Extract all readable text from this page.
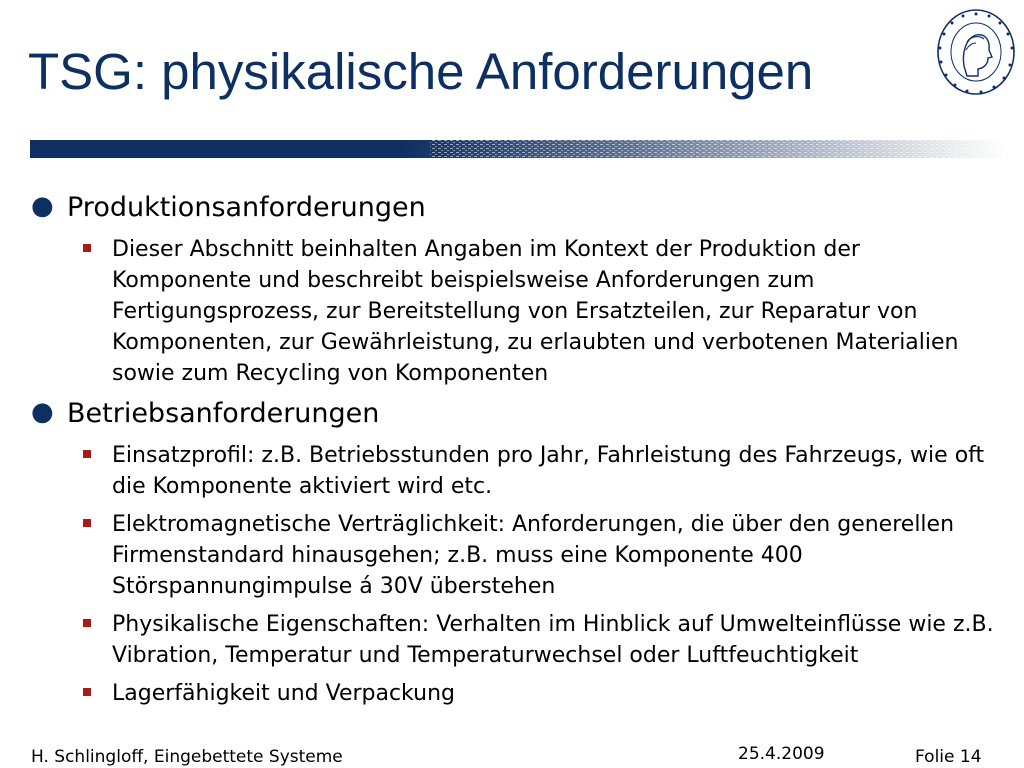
TSG: physikalische Anforderungen
● Produktionsanforderungen
Dieser Abschnitt beinhalten Angaben im Kontext der Produktion der Komponente und beschreibt beispielsweise Anforderungen zum Fertigungsprozess, zur Bereitstellung von Ersatzteilen, zur Reparatur von Komponenten, zur Gewährleistung, zu erlaubten und verbotenen Materialien sowie zum Recycling von Komponenten
● Betriebsanforderungen
Einsatzprofil: z.B. Betriebsstunden pro Jahr, Fahrleistung des Fahrzeugs, wie oft die Komponente aktiviert wird etc.
Elektromagnetische Verträglichkeit: Anforderungen, die über den generellen Firmenstandard hinausgehen; z.B. muss eine Komponente 400 Störspannungimpulse á 30V überstehen
Physikalische Eigenschaften: Verhalten im Hinblick auf Umwelteinflüsse wie z.B. Vibration, Temperatur und Temperaturwechsel oder Luftfeuchtigkeit
Lagerfähigkeit und Verpackung
H. Schlingloff, Eingebettete Systeme	25.4.2009	Folie 14
